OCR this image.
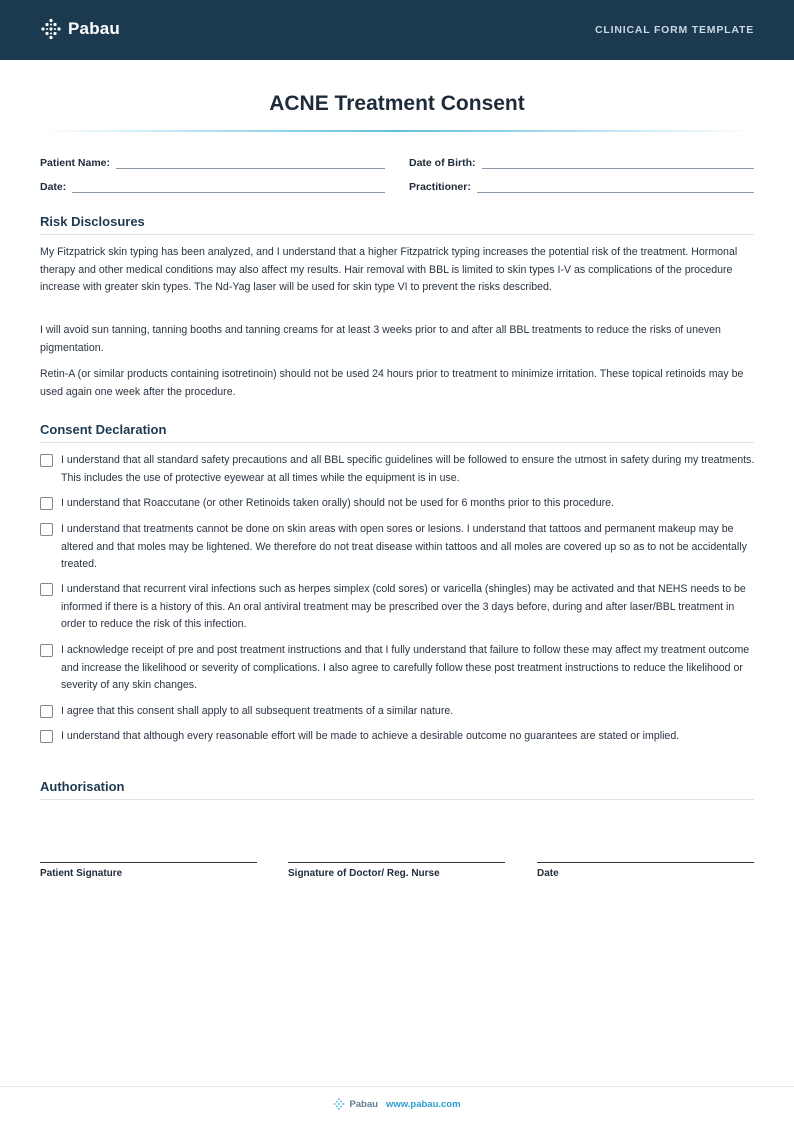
Pabau	CLINICAL FORM TEMPLATE
ACNE Treatment Consent
Patient Name:	Date of Birth:
Date:	Practitioner:
Risk Disclosures
My Fitzpatrick skin typing has been analyzed, and I understand that a higher Fitzpatrick typing increases the potential risk of the treatment. Hormonal therapy and other medical conditions may also affect my results. Hair removal with BBL is limited to skin types I-V as complications of the procedure increase with greater skin types. The Nd-Yag laser will be used for skin type VI to prevent the risks described.
I will avoid sun tanning, tanning booths and tanning creams for at least 3 weeks prior to and after all BBL treatments to reduce the risks of uneven pigmentation.
Retin-A (or similar products containing isotretinoin) should not be used 24 hours prior to treatment to minimize irritation. These topical retinoids may be used again one week after the procedure.
Consent Declaration
I understand that all standard safety precautions and all BBL specific guidelines will be followed to ensure the utmost in safety during my treatments. This includes the use of protective eyewear at all times while the equipment is in use.
I understand that Roaccutane (or other Retinoids taken orally) should not be used for 6 months prior to this procedure.
I understand that treatments cannot be done on skin areas with open sores or lesions. I understand that tattoos and permanent makeup may be altered and that moles may be lightened. We therefore do not treat disease within tattoos and all moles are covered up so as to not be accidentally treated.
I understand that recurrent viral infections such as herpes simplex (cold sores) or varicella (shingles) may be activated and that NEHS needs to be informed if there is a history of this. An oral antiviral treatment may be prescribed over the 3 days before, during and after laser/BBL treatment in order to reduce the risk of this infection.
I acknowledge receipt of pre and post treatment instructions and that I fully understand that failure to follow these may affect my treatment outcome and increase the likelihood or severity of complications. I also agree to carefully follow these post treatment instructions to reduce the likelihood or severity of any skin changes.
I agree that this consent shall apply to all subsequent treatments of a similar nature.
I understand that although every reasonable effort will be made to achieve a desirable outcome no guarantees are stated or implied.
Authorisation
Patient Signature	Signature of Doctor/ Reg. Nurse	Date
Pabau www.pabau.com
